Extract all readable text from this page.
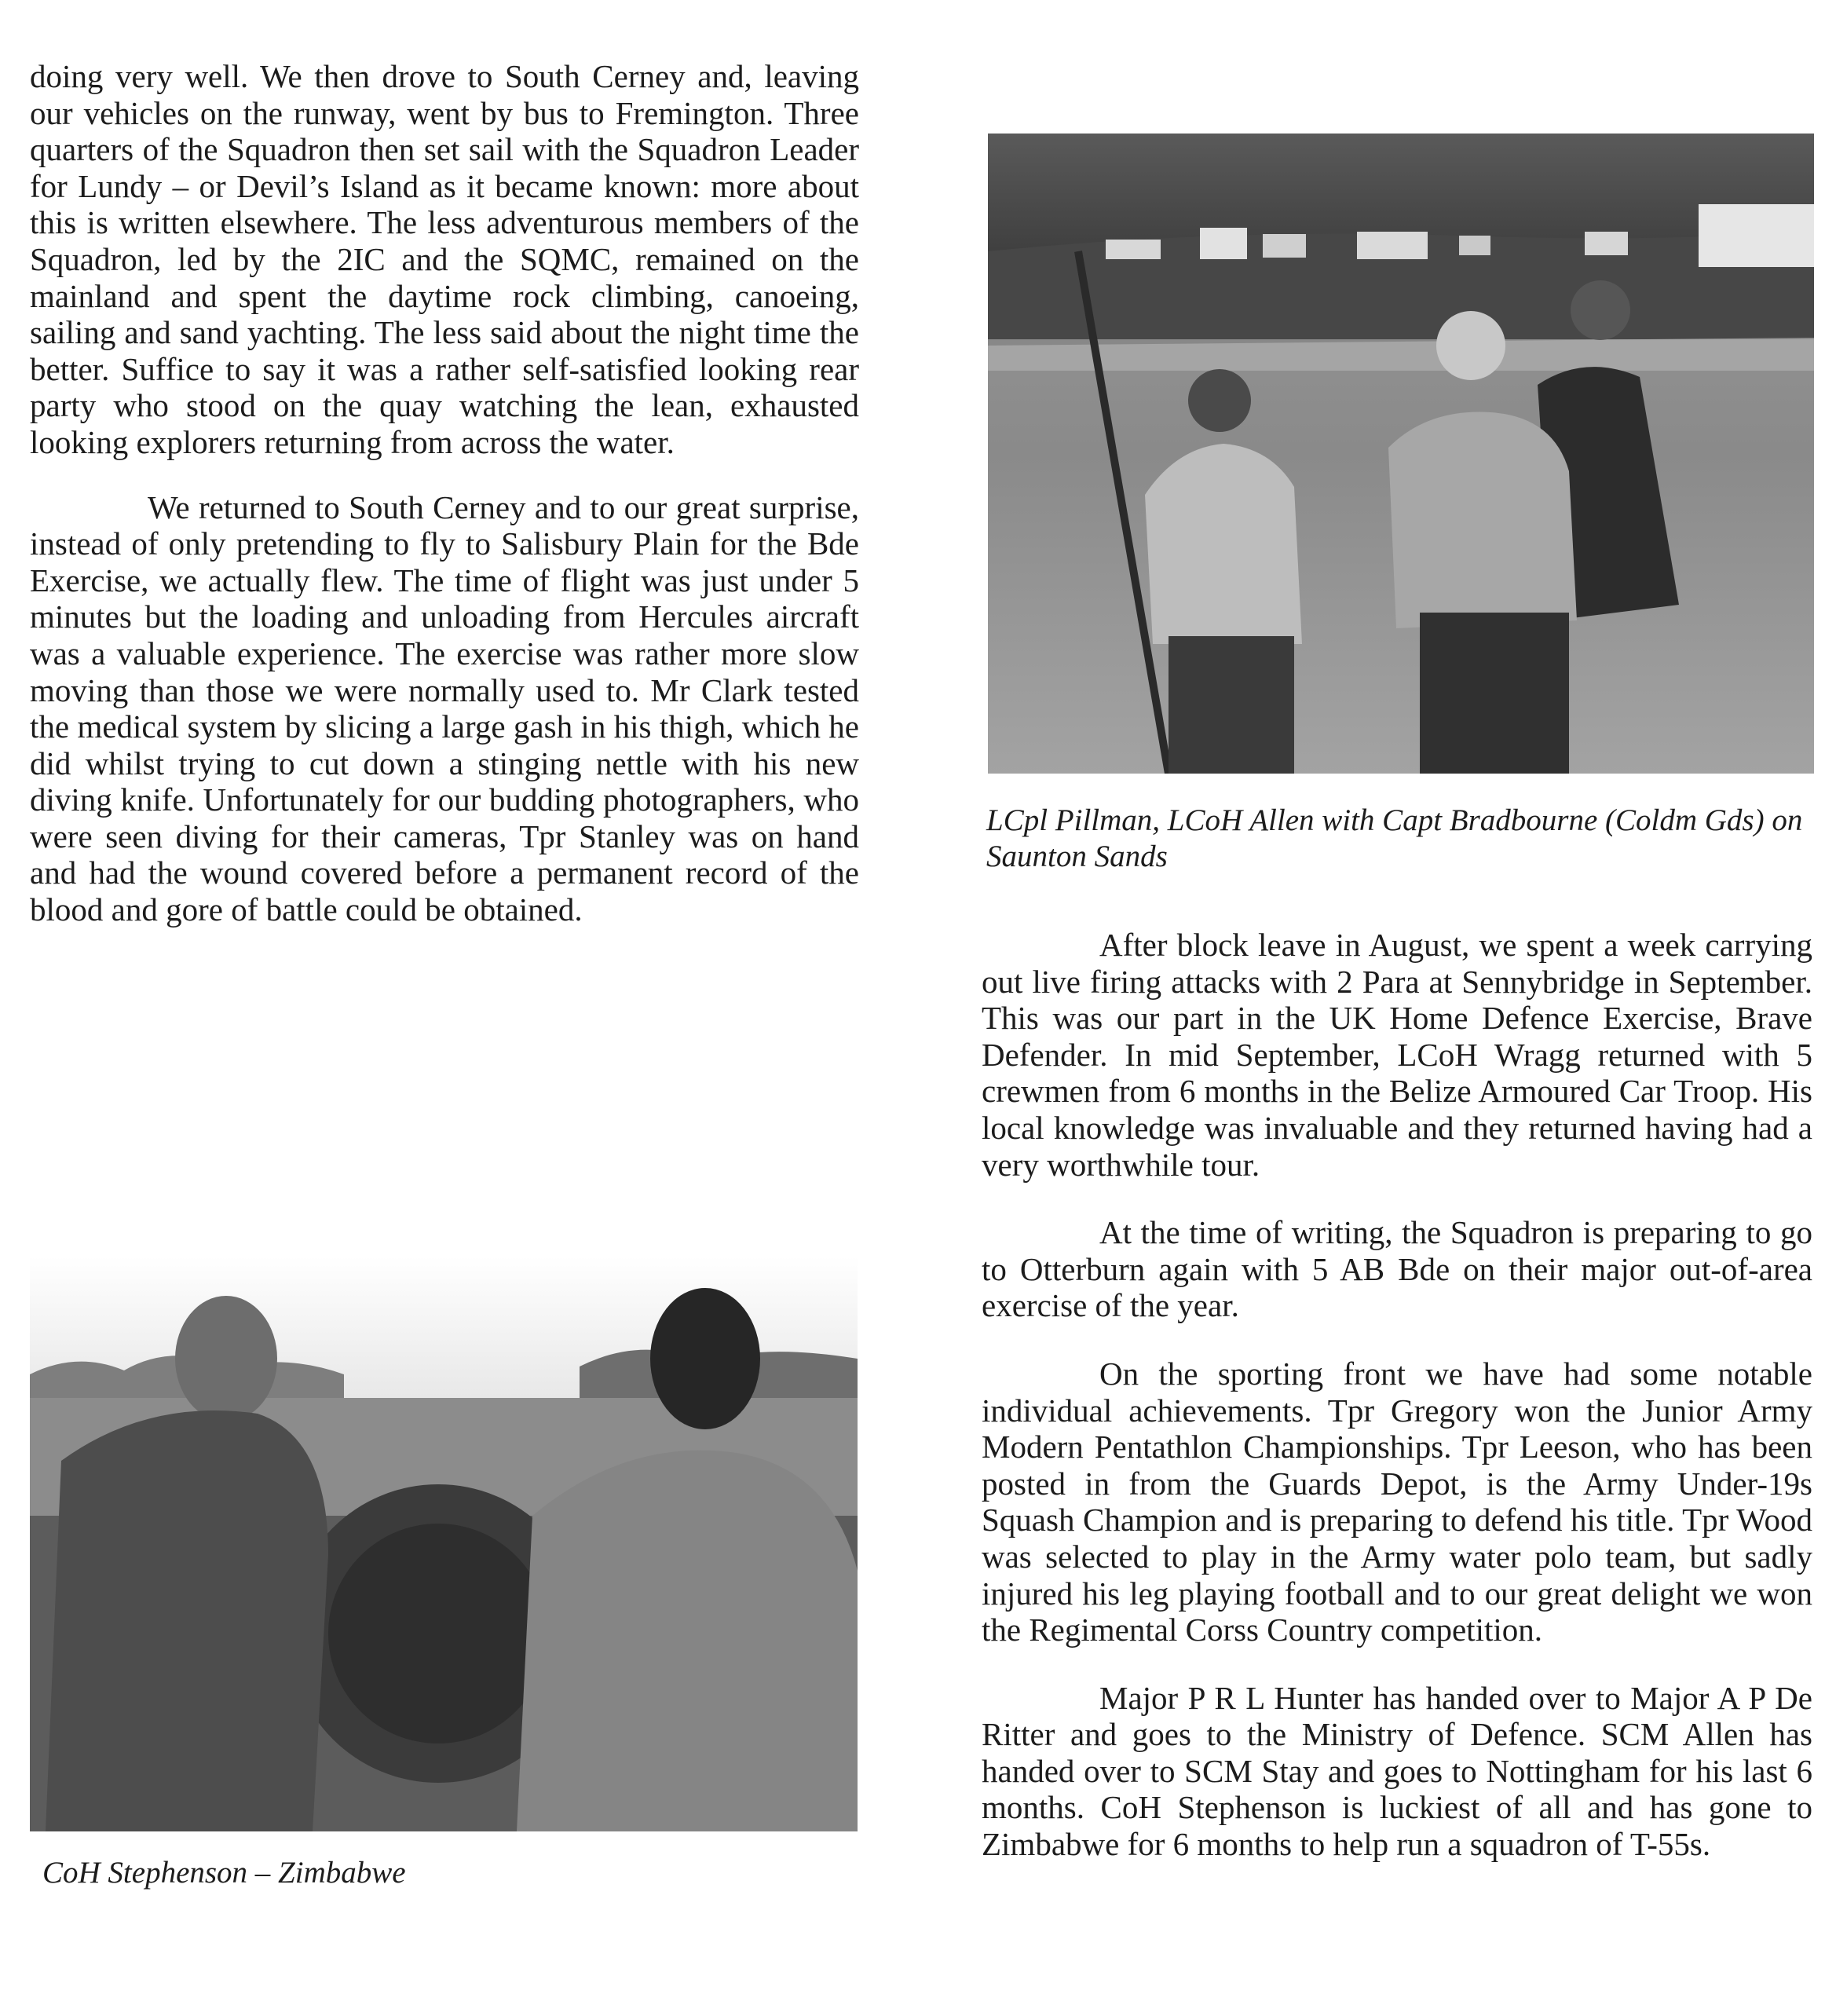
doing very well. We then drove to South Cerney and, leaving our vehicles on the runway, went by bus to Fremington. Three quarters of the Squadron then set sail with the Squadron Leader for Lundy – or Devil’s Island as it became known: more about this is written elsewhere. The less adventurous members of the Squadron, led by the 2IC and the SQMC, remained on the mainland and spent the daytime rock climbing, canoeing, sailing and sand yachting. The less said about the night time the better. Suffice to say it was a rather self-satisfied looking rear party who stood on the quay watching the lean, exhausted looking explorers returning from across the water.

We returned to South Cerney and to our great surprise, instead of only pretending to fly to Salisbury Plain for the Bde Exercise, we actually flew. The time of flight was just under 5 minutes but the loading and unloading from Hercules aircraft was a valuable experience. The exercise was rather more slow moving than those we were normally used to. Mr Clark tested the medical system by slicing a large gash in his thigh, which he did whilst trying to cut down a stinging nettle with his new diving knife. Unfortunately for our budding photographers, who were seen diving for their cameras, Tpr Stanley was on hand and had the wound covered before a permanent record of the blood and gore of battle could be obtained.

LCpl Pillman, LCoH Allen with Capt Bradbourne (Coldm Gds) on Saunton Sands

CoH Stephenson – Zimbabwe

After block leave in August, we spent a week carrying out live firing attacks with 2 Para at Sennybridge in September. This was our part in the UK Home Defence Exercise, Brave Defender. In mid September, LCoH Wragg returned with 5 crewmen from 6 months in the Belize Armoured Car Troop. His local knowledge was invaluable and they returned having had a very worthwhile tour.

At the time of writing, the Squadron is preparing to go to Otterburn again with 5 AB Bde on their major out-of-area exercise of the year.

On the sporting front we have had some notable individual achievements. Tpr Gregory won the Junior Army Modern Pentathlon Championships. Tpr Leeson, who has been posted in from the Guards Depot, is the Army Under-19s Squash Champion and is preparing to defend his title. Tpr Wood was selected to play in the Army water polo team, but sadly injured his leg playing football and to our great delight we won the Regimental Corss Country competition.

Major P R L Hunter has handed over to Major A P De Ritter and goes to the Ministry of Defence. SCM Allen has handed over to SCM Stay and goes to Nottingham for his last 6 months. CoH Stephenson is luckiest of all and has gone to Zimbabwe for 6 months to help run a squadron of T-55s.
